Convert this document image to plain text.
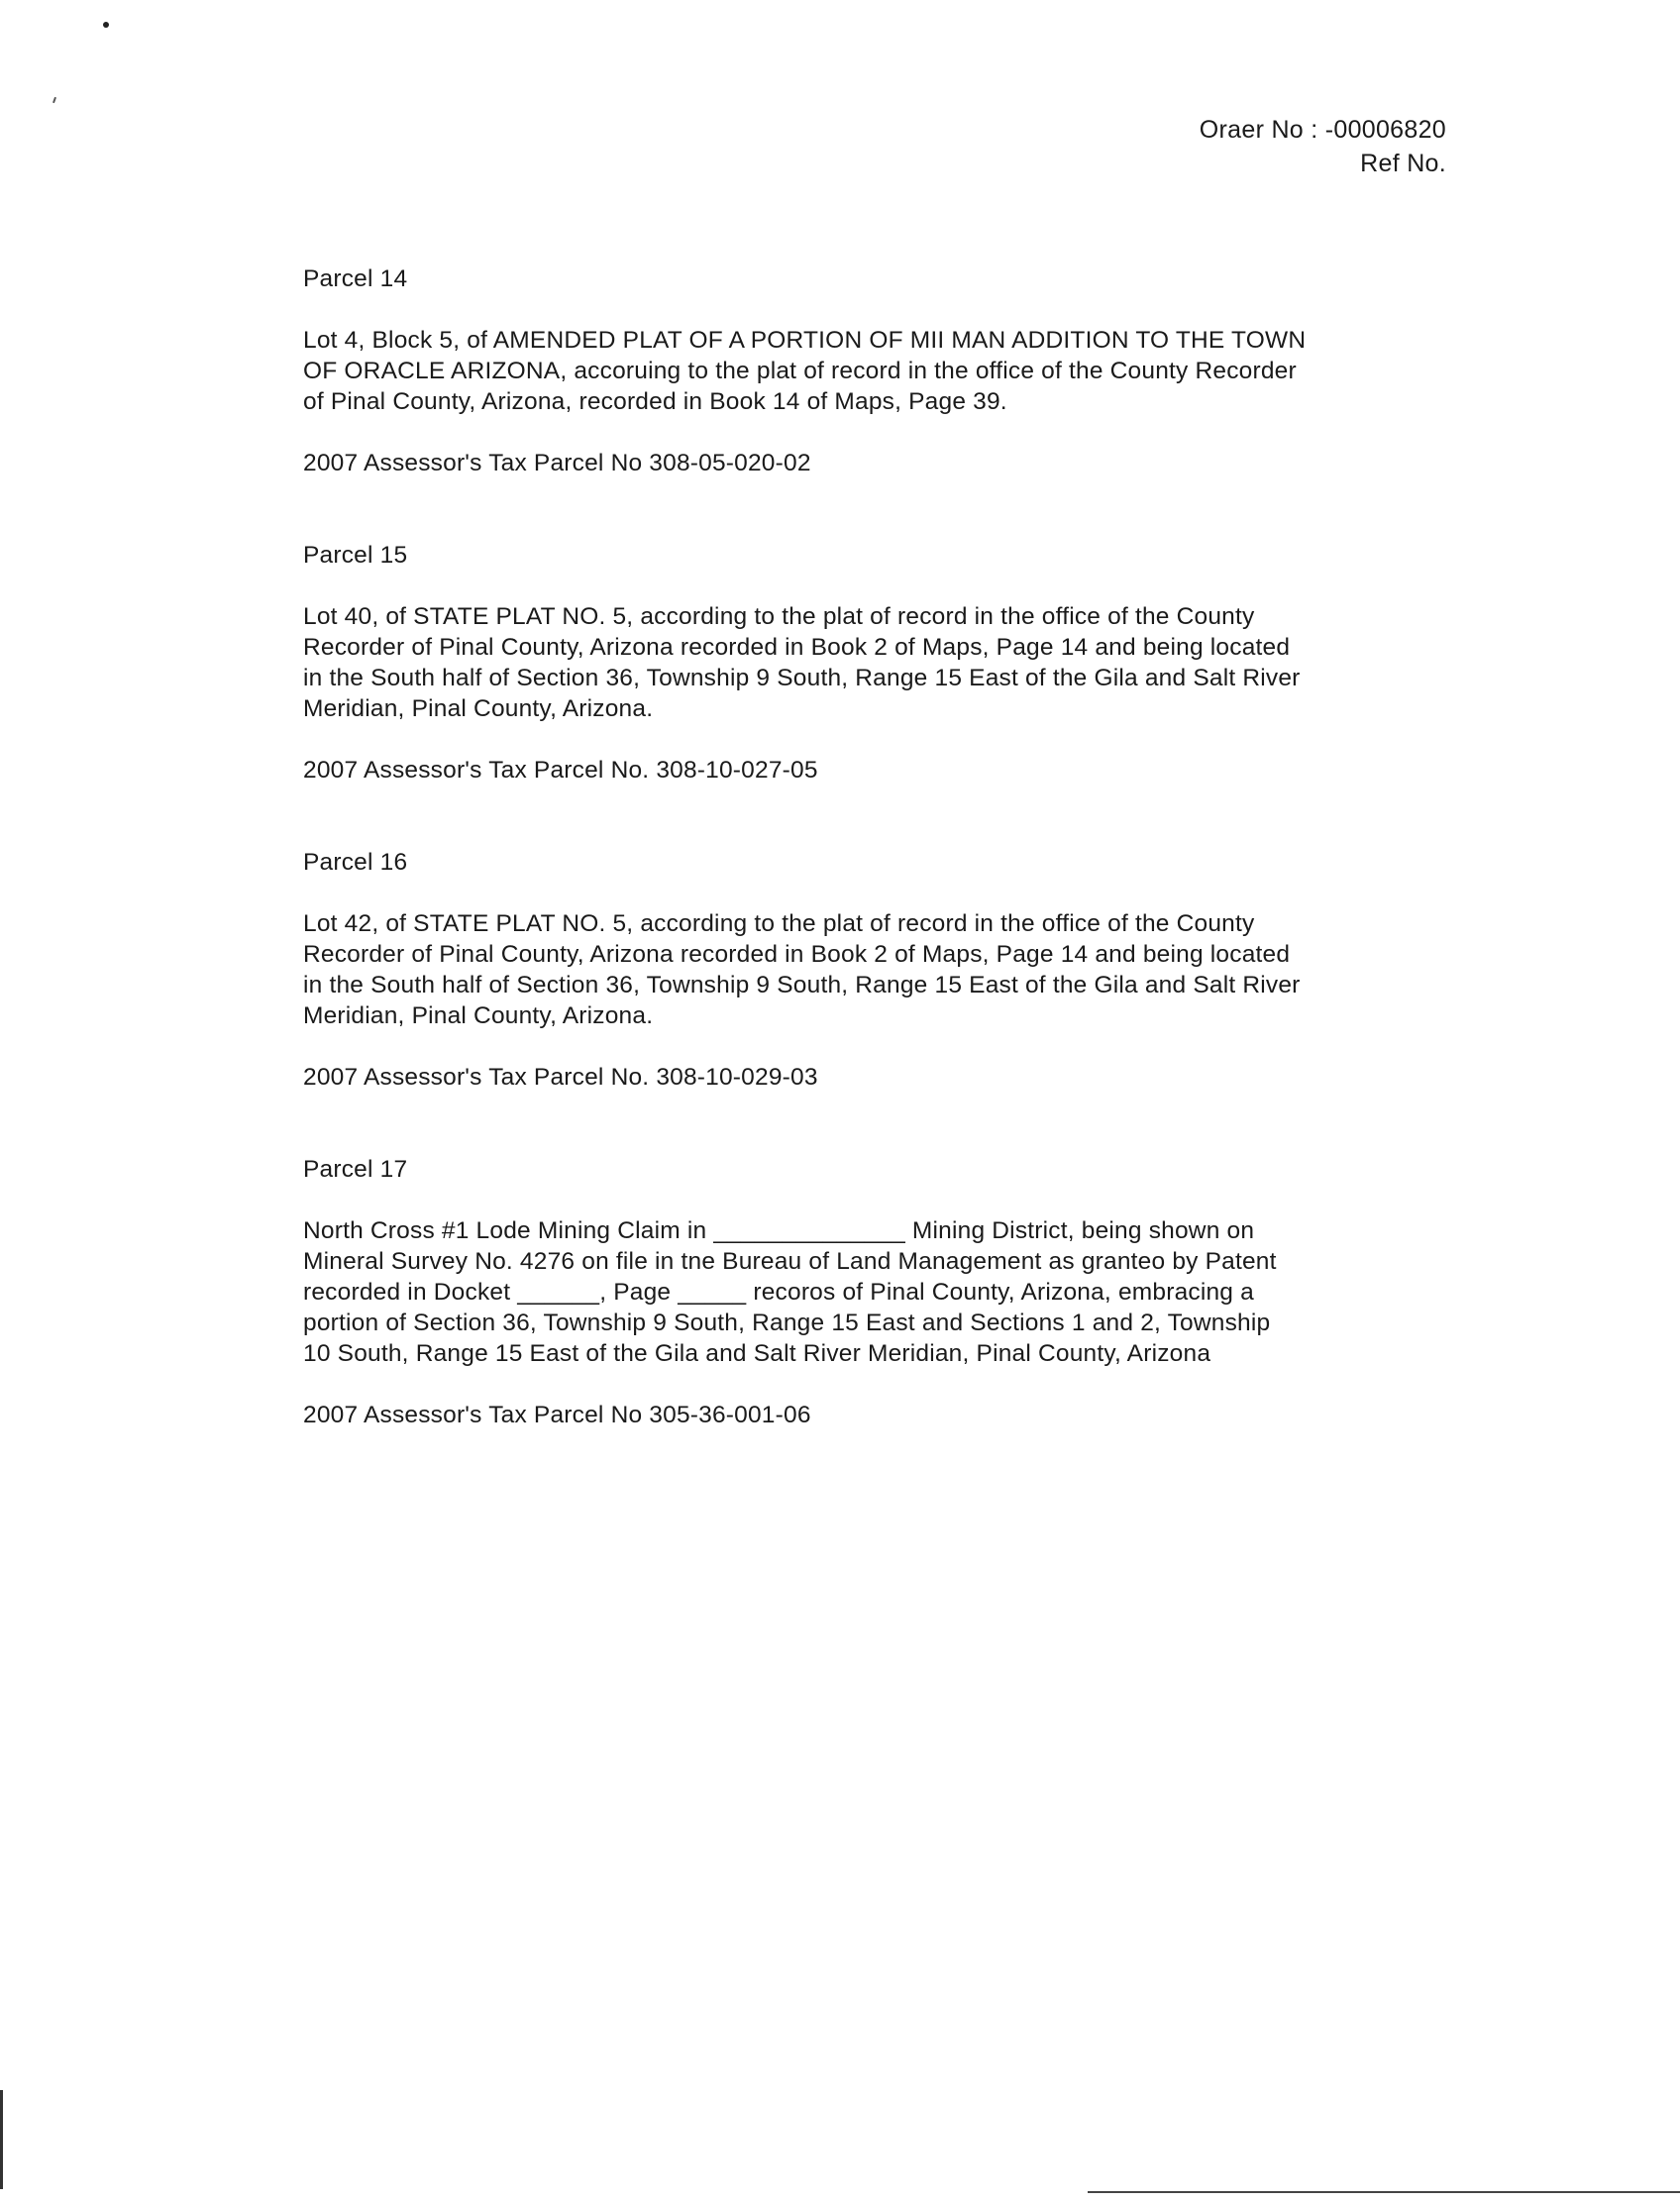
Oraer No : -00006820
Ref No.
Parcel 14
Lot 4, Block 5, of AMENDED PLAT OF A PORTION OF MII MAN ADDITION TO THE TOWN
OF ORACLE ARIZONA, accoruing to the plat of record in the office of the County Recorder
of Pinal County, Arizona, recorded in Book 14 of Maps, Page 39.
2007 Assessor's Tax Parcel No 308-05-020-02
Parcel 15
Lot 40, of STATE PLAT NO. 5, according to the plat of record in the office of the County
Recorder of Pinal County, Arizona recorded in Book 2 of Maps, Page 14 and being located
in the South half of Section 36, Township 9 South, Range 15 East of the Gila and Salt River
Meridian, Pinal County, Arizona.
2007 Assessor's Tax Parcel No. 308-10-027-05
Parcel 16
Lot 42, of STATE PLAT NO. 5, according to the plat of record in the office of the County
Recorder of Pinal County, Arizona recorded in Book 2 of Maps, Page 14 and being located
in the South half of Section 36, Township 9 South, Range 15 East of the Gila and Salt River
Meridian, Pinal County, Arizona.
2007 Assessor's Tax Parcel No. 308-10-029-03
Parcel 17
North Cross #1 Lode Mining Claim in ______________ Mining District, being shown on
Mineral Survey No. 4276 on file in tne Bureau of Land Management as granteo by Patent
recorded in Docket ______, Page _____ recoros of Pinal County, Arizona, embracing a
portion of Section 36, Township 9 South, Range 15 East and Sections 1 and 2, Township
10 South, Range 15 East of the Gila and Salt River Meridian, Pinal County, Arizona
2007 Assessor's Tax Parcel No 305-36-001-06
